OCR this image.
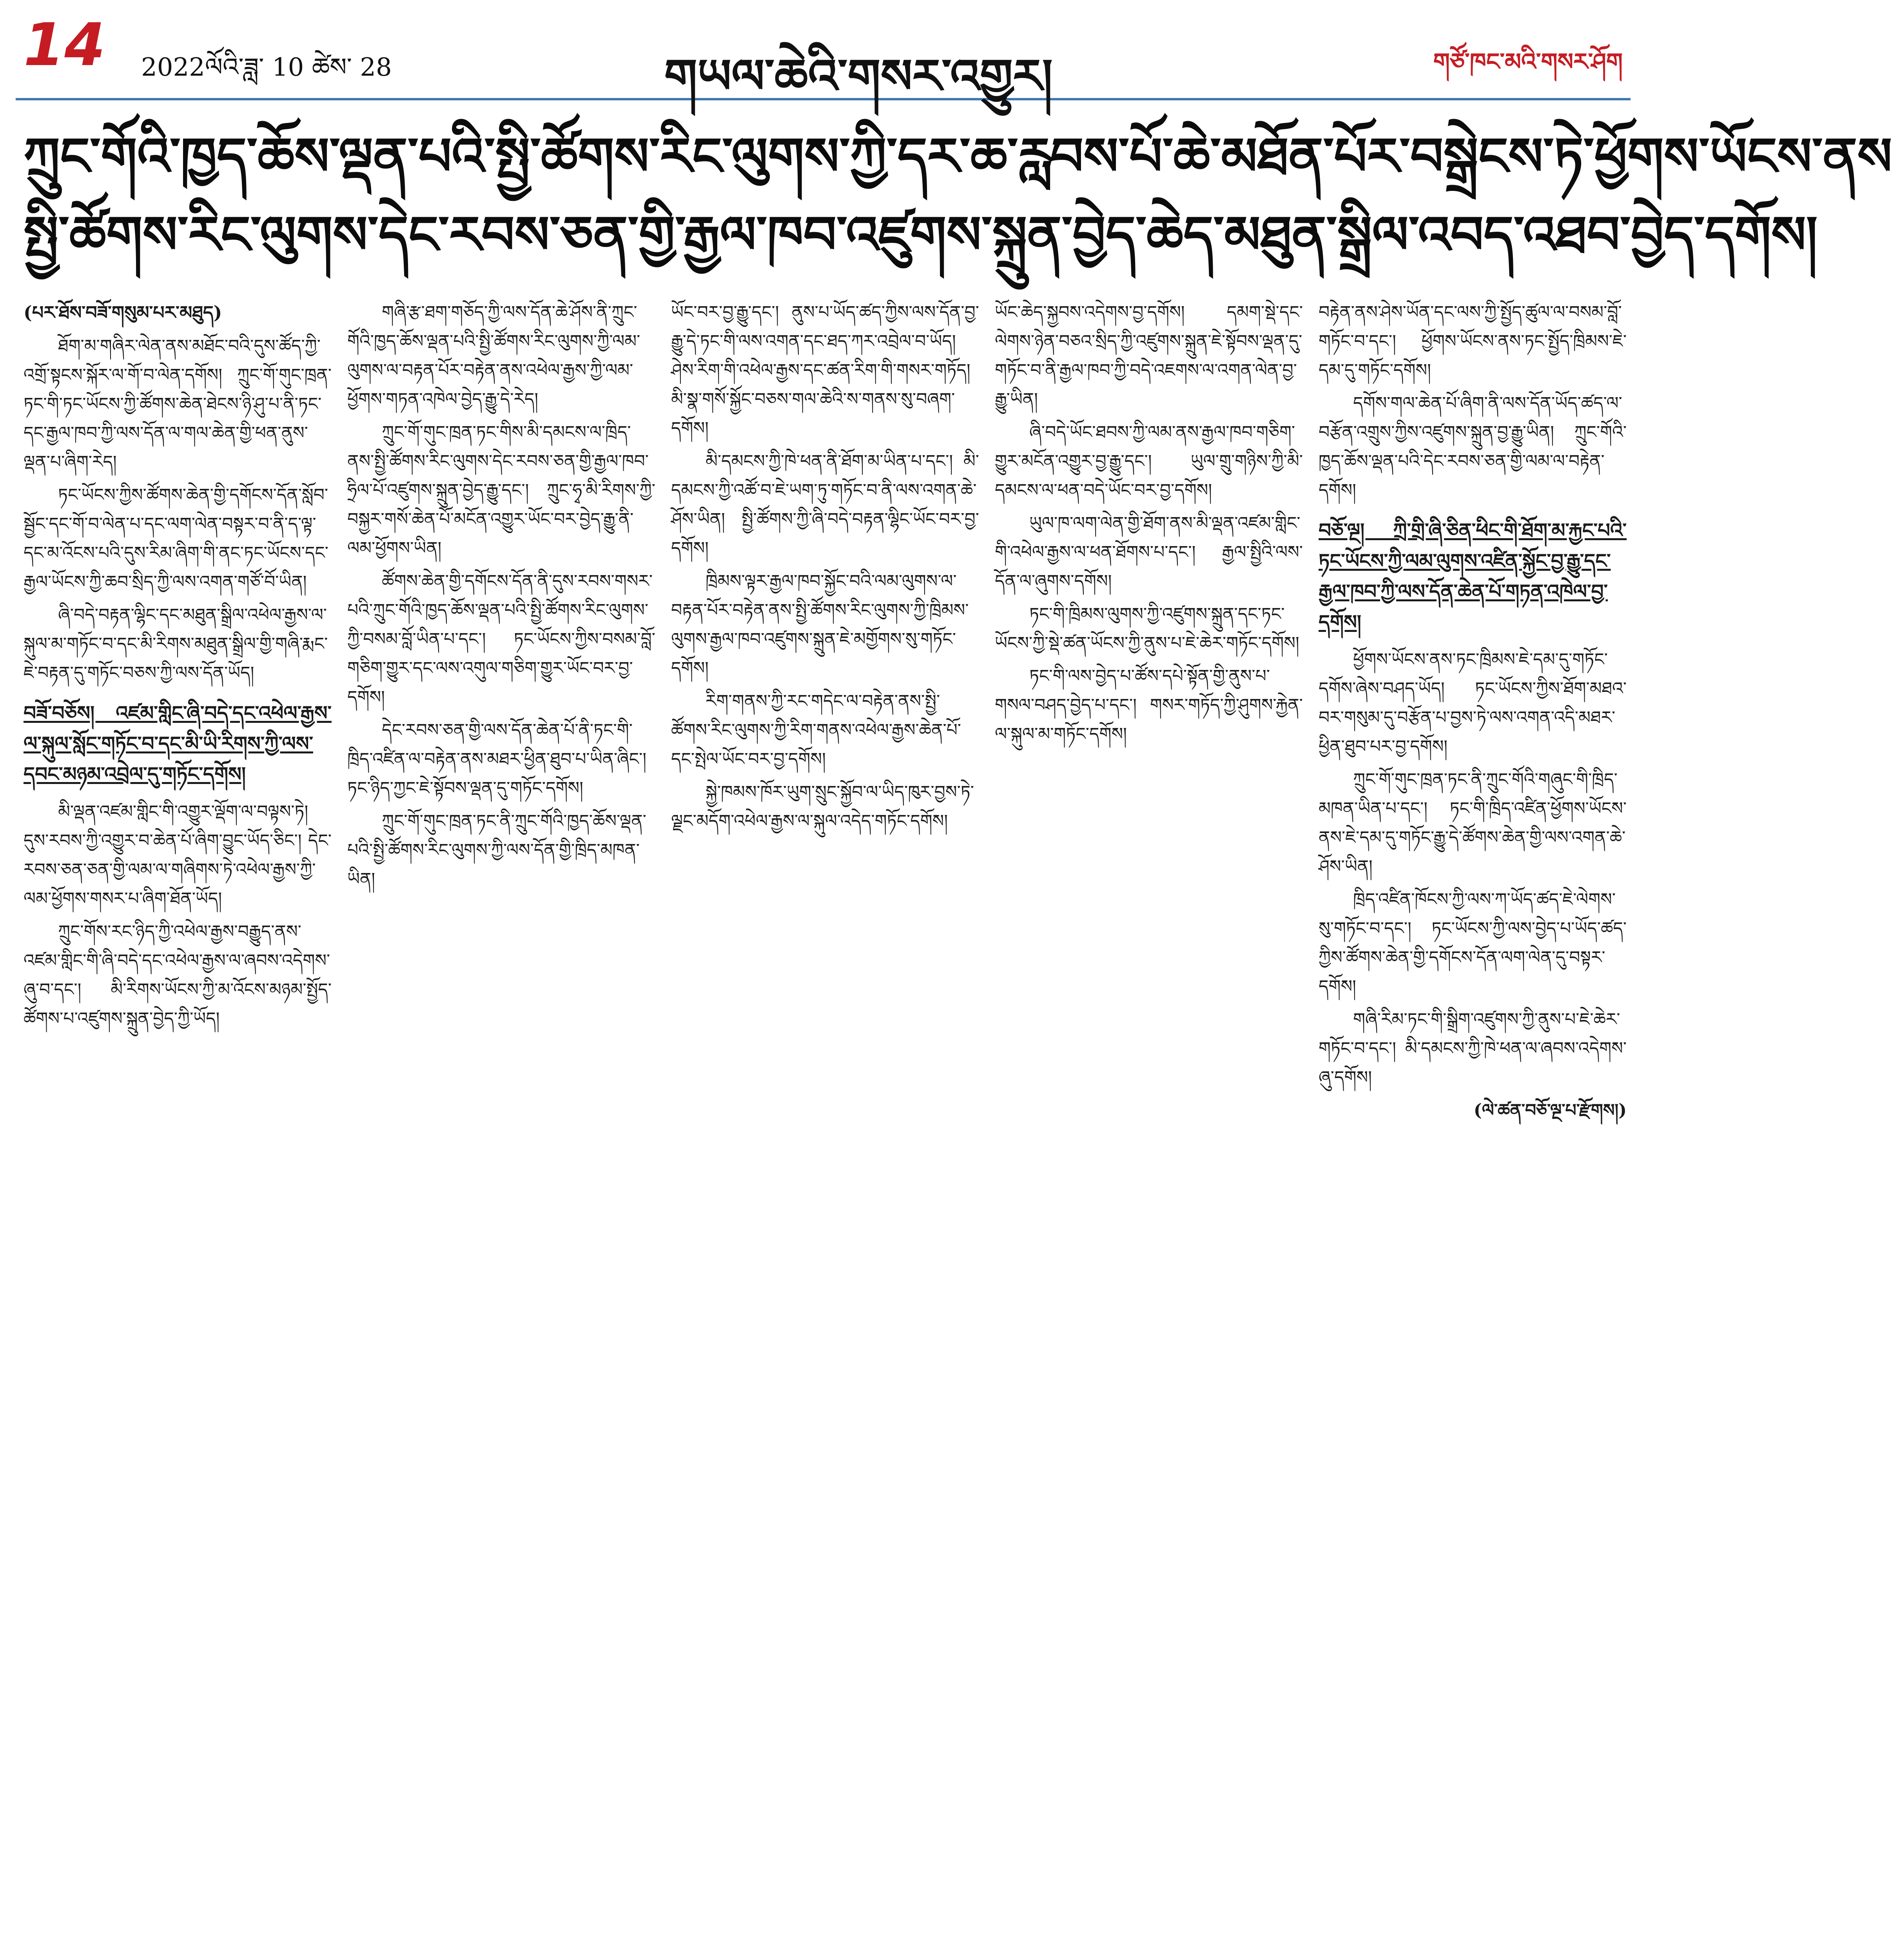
14 2022ལོའི་ཟླ་ 10 ཚེས་ 28	གཡལ་ཆེའི་གསར་འགྱུར།	གཙོ་ཁང་མའི་གསར་ཤོག
ཀྲུང་གོའི་ཁྱད་ཆོས་ལྡན་པའི་སྤྱི་ཚོགས་རིང་ལུགས་ཀྱི་དར་ཆ་རླབས་པོ་ཆེ་མཐོན་པོར་བསྒྲེངས་ཏེ་ཕྱོགས་ཡོངས་ནས
སྤྱི་ཚོགས་རིང་ལུགས་དེང་རབས་ཅན་གྱི་རྒྱལ་ཁབ་འཛུགས་སྐྲུན་བྱེད་ཆེད་མཐུན་སྒྲིལ་འབད་འཐབ་བྱེད་དགོས།
(པར་ཐོས་བཟོ་གསུམ་པར་མཐུད)

ཐོག་མ་གཞིར་ལེན་ནས་མཐོང་བའི་དུས་ཚོད་ཀྱི་འགྲོ་སྟངས་སྐོར་ལ་གོ་བ་ལེན་དགོས། ཀྲུང་གོ་གུང་ཁྲན་ཏང་གི་ཏང་ཡོངས་ཀྱི་ཚོགས་ཆེན་ཐེངས་ཉི་ཤུ་པ་ནི་ཏང་དང་རྒྱལ་ཁབ་ཀྱི་ལས་དོན་ལ་གལ་ཆེན་གྱི་ཕན་ནུས་ལྡན་པ་ཞིག་རེད།

ཏང་ཡོངས་ཀྱིས་ཚོགས་ཆེན་གྱི་དགོངས་དོན་སློབ་སྦྱོང་དང་གོ་བ་ལེན་པ་དང་ལག་ལེན་བསྟར་བ་ནི་ད་ལྟ་དང་མ་འོངས་པའི་དུས་རིམ་ཞིག་གི་ནང་ཏང་ཡོངས་དང་རྒྱལ་ཡོངས་ཀྱི་ཆབ་སྲིད་ཀྱི་ལས་འགན་གཙོ་བོ་ཡིན།

ཞི་བདེ་བརྟན་ལྷིང་དང་མཐུན་སྒྲིལ་འཕེལ་རྒྱས་ལ་སྐུལ་མ་གཏོང་བ་དང་མི་རིགས་མཐུན་སྒྲིལ་གྱི་གཞི་རྨང་ཇེ་བརྟན་དུ་གཏོང་བཅས་ཀྱི་ལས་དོན་ཡོད།

བཟོ་བཅོས། འཛམ་གླིང་ཞི་བདེ་དང་འཕེལ་རྒྱས་ལ་སྐུལ་སློང་གཏོང་བ་དང་མི་ཡི་རིགས་ཀྱི་ལས་དབང་མཉམ་འབྲེལ་དུ་གཏོང་དགོས།

མི་ལྡན་འཛམ་གླིང་གི་འགྱུར་ལྡོག་ལ་བལྟས་ཏེ། དུས་རབས་ཀྱི་འགྱུར་བ་ཆེན་པོ་ཞིག་བྱུང་ཡོད་ཅིང་། དེང་རབས་ཅན་ཅན་གྱི་ལམ་ལ་གཞིགས་ཏེ་འཕེལ་རྒྱས་ཀྱི་ལམ་ཕྱོགས་གསར་པ་ཞིག་ཐོན་ཡོད།

ཀྲུང་གོས་རང་ཉིད་ཀྱི་འཕེལ་རྒྱས་བརྒྱུད་ནས་འཛམ་གླིང་གི་ཞི་བདེ་དང་འཕེལ་རྒྱས་ལ་ཞབས་འདེགས་ཞུ་བ་དང་། མི་རིགས་ཡོངས་ཀྱི་མ་འོངས་མཉམ་སྤྱོད་ཚོགས་པ་འཛུགས་སྐྲུན་བྱེད་ཀྱི་ཡོད།

གཞི་རྩ་ཐག་གཅོད་ཀྱི་ལས་དོན་ཆེ་ཤོས་ནི་ཀྲུང་གོའི་ཁྱད་ཆོས་ལྡན་པའི་སྤྱི་ཚོགས་རིང་ལུགས་ཀྱི་ལམ་ལུགས་ལ་བརྟན་པོར་བརྟེན་ནས་འཕེལ་རྒྱས་ཀྱི་ལམ་ཕྱོགས་གཏན་འཁེལ་བྱེད་རྒྱུ་དེ་རེད།

ཀྲུང་གོ་གུང་ཁྲན་ཏང་གིས་མི་དམངས་ལ་ཁྲིད་ནས་སྤྱི་ཚོགས་རིང་ལུགས་དེང་རབས་ཅན་གྱི་རྒྱལ་ཁབ་ཧྲིལ་པོ་འཛུགས་སྐྲུན་བྱེད་རྒྱུ་དང་། ཀྲུང་ཧྭ་མི་རིགས་ཀྱི་བསྐྱར་གསོ་ཆེན་པོ་མངོན་འགྱུར་ཡོང་བར་བྱེད་རྒྱུ་ནི་ལམ་ཕྱོགས་ཡིན།

ཚོགས་ཆེན་གྱི་དགོངས་དོན་ནི་དུས་རབས་གསར་པའི་ཀྲུང་གོའི་ཁྱད་ཆོས་ལྡན་པའི་སྤྱི་ཚོགས་རིང་ལུགས་ཀྱི་བསམ་བློ་ཡིན་པ་དང་། ཏང་ཡོངས་ཀྱིས་བསམ་བློ་གཅིག་གྱུར་དང་ལས་འགུལ་གཅིག་གྱུར་ཡོང་བར་བྱ་དགོས།

དེང་རབས་ཅན་གྱི་ལས་དོན་ཆེན་པོ་ནི་ཏང་གི་ཁྲིད་འཛིན་ལ་བརྟེན་ནས་མཐར་ཕྱིན་ཐུབ་པ་ཡིན་ཞིང་། ཏང་ཉིད་ཀྱང་ཇེ་སྟོབས་ལྡན་དུ་གཏོང་དགོས།

ཀྲུང་གོ་གུང་ཁྲན་ཏང་ནི་ཀྲུང་གོའི་ཁྱད་ཆོས་ལྡན་པའི་སྤྱི་ཚོགས་རིང་ལུགས་ཀྱི་ལས་དོན་གྱི་ཁྲིད་མཁན་ཡིན།

ཡོང་བར་བྱ་རྒྱུ་དང་། ནུས་པ་ཡོད་ཚད་ཀྱིས་ལས་དོན་བྱ་རྒྱུ་དེ་ཏང་གི་ལས་འགན་དང་ཐད་ཀར་འབྲེལ་བ་ཡོད། ཤེས་རིག་གི་འཕེལ་རྒྱས་དང་ཚན་རིག་གི་གསར་གཏོད། མི་སྣ་གསོ་སྐྱོང་བཅས་གལ་ཆེའི་ས་གནས་སུ་བཞག་དགོས།

མི་དམངས་ཀྱི་ཁེ་ཕན་ནི་ཐོག་མ་ཡིན་པ་དང་། མི་དམངས་ཀྱི་འཚོ་བ་ཇེ་ཡག་ཏུ་གཏོང་བ་ནི་ལས་འགན་ཆེ་ཤོས་ཡིན། སྤྱི་ཚོགས་ཀྱི་ཞི་བདེ་བརྟན་ལྷིང་ཡོང་བར་བྱ་དགོས།

ཁྲིམས་ལྟར་རྒྱལ་ཁབ་སྐྱོང་བའི་ལམ་ལུགས་ལ་བརྟན་པོར་བརྟེན་ནས་སྤྱི་ཚོགས་རིང་ལུགས་ཀྱི་ཁྲིམས་ལུགས་རྒྱལ་ཁབ་འཛུགས་སྐྲུན་ཇེ་མགྱོགས་སུ་གཏོང་དགོས།

རིག་གནས་ཀྱི་རང་གདེང་ལ་བརྟེན་ནས་སྤྱི་ཚོགས་རིང་ལུགས་ཀྱི་རིག་གནས་འཕེལ་རྒྱས་ཆེན་པོ་དང་སྤེལ་ཡོང་བར་བྱ་དགོས།

སྐྱེ་ཁམས་ཁོར་ཡུག་སྲུང་སྐྱོབ་ལ་ཡིད་ཁུར་བྱས་ཏེ་ལྗང་མདོག་འཕེལ་རྒྱས་ལ་སྐུལ་འདེད་གཏོང་དགོས།

ཡོང་ཆེད་སྐྱབས་འདེགས་བྱ་དགོས། དམག་སྡེ་དང་ལེགས་ཉེན་བཅའ་སྲིད་ཀྱི་འཛུགས་སྐྲུན་ཇེ་སྟོབས་ལྡན་དུ་གཏོང་བ་ནི་རྒྱལ་ཁབ་ཀྱི་བདེ་འཇགས་ལ་འགན་ལེན་བྱ་རྒྱུ་ཡིན།

ཞི་བདེ་ཡོང་ཐབས་ཀྱི་ལམ་ནས་རྒྱལ་ཁབ་གཅིག་གྱུར་མངོན་འགྱུར་བྱ་རྒྱུ་དང་། ཡུལ་གྲུ་གཉིས་ཀྱི་མི་དམངས་ལ་ཕན་བདེ་ཡོང་བར་བྱ་དགོས།

ཡུལ་ཁ་ལག་ལེན་གྱི་ཐོག་ནས་མི་ལྡན་འཛམ་གླིང་གི་འཕེལ་རྒྱས་ལ་ཕན་ཐོགས་པ་དང་། རྒྱལ་སྤྱིའི་ལས་དོན་ལ་ཞུགས་དགོས།

ཏང་གི་ཁྲིམས་ལུགས་ཀྱི་འཛུགས་སྐྲུན་དང་ཏང་ཡོངས་ཀྱི་སྡེ་ཚན་ཡོངས་ཀྱི་ནུས་པ་ཇེ་ཆེར་གཏོང་དགོས།

ཏང་གི་ལས་བྱེད་པ་ཚོས་དཔེ་སྟོན་གྱི་ནུས་པ་གསལ་བཤད་བྱེད་པ་དང་། གསར་གཏོད་ཀྱི་ཤུགས་རྐྱེན་ལ་སྐུལ་མ་གཏོང་དགོས།

བརྟེན་ནས་ཤེས་ཡོན་དང་ལས་ཀྱི་སྤྱོད་ཚུལ་ལ་བསམ་བློ་གཏོང་བ་དང་། ཕྱོགས་ཡོངས་ནས་ཏང་སྤྱོད་ཁྲིམས་ཇེ་དམ་དུ་གཏོང་དགོས།

དགོས་གལ་ཆེན་པོ་ཞིག་ནི་ལས་དོན་ཡོད་ཚད་ལ་བརྩོན་འགྲུས་ཀྱིས་འཛུགས་སྐྲུན་བྱ་རྒྱུ་ཡིན། ཀྲུང་གོའི་ཁྱད་ཆོས་ལྡན་པའི་དེང་རབས་ཅན་གྱི་ལམ་ལ་བརྟེན་དགོས།

བཅོ་ལྔ། ཀྲི་གྲི་ཞི་ཅིན་ཕིང་གི་ཐོག་མ་རྐྱང་པའི་ཏང་ཡོངས་ཀྱི་ལམ་ལུགས་འཛིན་སྐྱོང་བྱ་རྒྱུ་དང་རྒྱལ་ཁབ་ཀྱི་ལས་དོན་ཆེན་པོ་གཏན་འཁེལ་བྱ་དགོས།

ཕྱོགས་ཡོངས་ནས་ཏང་ཁྲིམས་ཇེ་དམ་དུ་གཏོང་དགོས་ཞེས་བཤད་ཡོད། ཏང་ཡོངས་ཀྱིས་ཐོག་མཐའ་བར་གསུམ་དུ་བརྩོན་པ་བྱས་ཏེ་ལས་འགན་འདི་མཐར་ཕྱིན་ཐུབ་པར་བྱ་དགོས།

ཀྲུང་གོ་གུང་ཁྲན་ཏང་ནི་ཀྲུང་གོའི་གཞུང་གི་ཁྲིད་མཁན་ཡིན་པ་དང་། ཏང་གི་ཁྲིད་འཛིན་ཕྱོགས་ཡོངས་ནས་ཇེ་དམ་དུ་གཏོང་རྒྱུ་དེ་ཚོགས་ཆེན་གྱི་ལས་འགན་ཆེ་ཤོས་ཡིན།

ཁྲིད་འཛིན་ཁོངས་ཀྱི་ལས་ཀ་ཡོད་ཚད་ཇེ་ལེགས་སུ་གཏོང་བ་དང་། ཏང་ཡོངས་ཀྱི་ལས་བྱེད་པ་ཡོད་ཚད་ཀྱིས་ཚོགས་ཆེན་གྱི་དགོངས་དོན་ལག་ལེན་དུ་བསྟར་དགོས།

གཞི་རིམ་ཏང་གི་སྒྲིག་འཛུགས་ཀྱི་ནུས་པ་ཇེ་ཆེར་གཏོང་བ་དང་། མི་དམངས་ཀྱི་ཁེ་ཕན་ལ་ཞབས་འདེགས་ཞུ་དགོས།

(ལེ་ཚན་བཅོ་ལྔ་པ་རྫོགས།)
